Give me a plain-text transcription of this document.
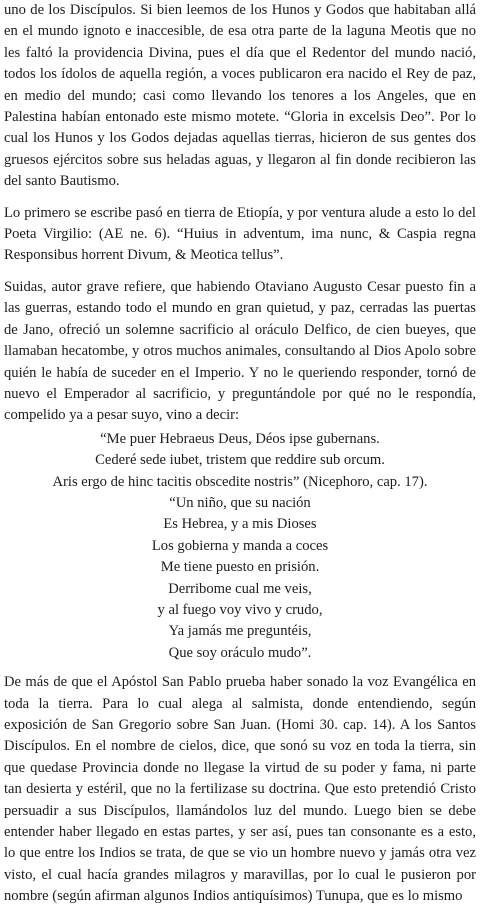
uno de los Discípulos. Si bien leemos de los Hunos y Godos que habitaban allá en el mundo ignoto e inaccesible, de esa otra parte de la laguna Meotis que no les faltó la providencia Divina, pues el día que el Redentor del mundo nació, todos los ídolos de aquella región, a voces publicaron era nacido el Rey de paz, en medio del mundo; casi como llevando los tenores a los Angeles, que en Palestina habían entonado este mismo motete. “Gloria in excelsis Deo”. Por lo cual los Hunos y los Godos dejadas aquellas tierras, hicieron de sus gentes dos gruesos ejércitos sobre sus heladas aguas, y llegaron al fin donde recibieron las del santo Bautismo.

Lo primero se escribe pasó en tierra de Etiopía, y por ventura alude a esto lo del Poeta Virgilio: (AE ne. 6). “Huius in adventum, ima nunc, & Caspia regna Responsibus horrent Divum, & Meotica tellus”.

Suidas, autor grave refiere, que habiendo Otaviano Augusto Cesar puesto fin a las guerras, estando todo el mundo en gran quietud, y paz, cerradas las puertas de Jano, ofreció un solemne sacrificio al oráculo Delfico, de cien bueyes, que llamaban hecatombe, y otros muchos animales, consultando al Dios Apolo sobre quién le había de suceder en el Imperio. Y no le queriendo responder, tornó de nuevo el Emperador al sacrificio, y preguntándole por qué no le respondía, compelido ya a pesar suyo, vino a decir:

“Me puer Hebraeus Deus, Déos ipse gubernans.
Cederé sede iubet, tristem que reddire sub orcum.
Aris ergo de hinc tacitis obscedite nostris” (Nicephoro, cap. 17).
“Un niño, que su nación
Es Hebrea, y a mis Dioses
Los gobierna y manda a coces
Me tiene puesto en prisión.
Derribome cual me veis,
y al fuego voy vivo y crudo,
Ya jamás me preguntéis,
Que soy oráculo mudo”.

De más de que el Apóstol San Pablo prueba haber sonado la voz Evangélica en toda la tierra. Para lo cual alega al salmista, donde entendiendo, según exposición de San Gregorio sobre San Juan. (Homi 30. cap. 14). A los Santos Discípulos. En el nombre de cielos, dice, que sonó su voz en toda la tierra, sin que quedase Provincia donde no llegase la virtud de su poder y fama, ni parte tan desierta y estéril, que no la fertilizase su doctrina. Que esto pretendió Cristo persuadir a sus Discípulos, llamándolos luz del mundo. Luego bien se debe entender haber llegado en estas partes, y ser así, pues tan consonante es a esto, lo que entre los Indios se trata, de que se vio un hombre nuevo y jamás otra vez visto, el cual hacía grandes milagros y maravillas, por lo cual le pusieron por nombre (según afirman algunos Indios antiquísimos) Tunupa, que es lo mismo
